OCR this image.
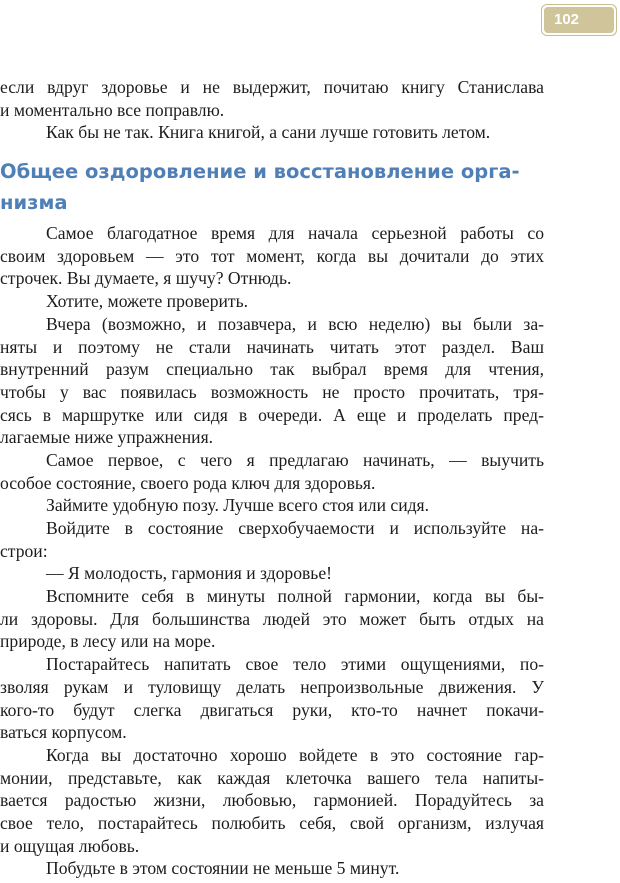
102
если вдруг здоровье и не выдержит, почитаю книгу Станислава
и моментально все поправлю.
Как бы не так. Книга книгой, а сани лучше готовить летом.
Общее оздоровление и восстановление орга-
низма
Самое благодатное время для начала серьезной работы со
своим здоровьем — это тот момент, когда вы дочитали до этих
строчек. Вы думаете, я шучу? Отнюдь.
Хотите, можете проверить.
Вчера (возможно, и позавчера, и всю неделю) вы были за-
няты и поэтому не стали начинать читать этот раздел. Ваш
внутренний разум специально так выбрал время для чтения,
чтобы у вас появилась возможность не просто прочитать, тря-
сясь в маршрутке или сидя в очереди. А еще и проделать пред-
лагаемые ниже упражнения.
Самое первое, с чего я предлагаю начинать, — выучить
особое состояние, своего рода ключ для здоровья.
Займите удобную позу. Лучше всего стоя или сидя.
Войдите в состояние сверхобучаемости и используйте на-
строи:
— Я молодость, гармония и здоровье!
Вспомните себя в минуты полной гармонии, когда вы бы-
ли здоровы. Для большинства людей это может быть отдых на
природе, в лесу или на море.
Постарайтесь напитать свое тело этими ощущениями, по-
зволяя рукам и туловищу делать непроизвольные движения. У
кого-то будут слегка двигаться руки, кто-то начнет покачи-
ваться корпусом.
Когда вы достаточно хорошо войдете в это состояние гар-
монии, представьте, как каждая клеточка вашего тела напиты-
вается радостью жизни, любовью, гармонией. Порадуйтесь за
свое тело, постарайтесь полюбить себя, свой организм, излучая
и ощущая любовь.
Побудьте в этом состоянии не меньше 5 минут.
